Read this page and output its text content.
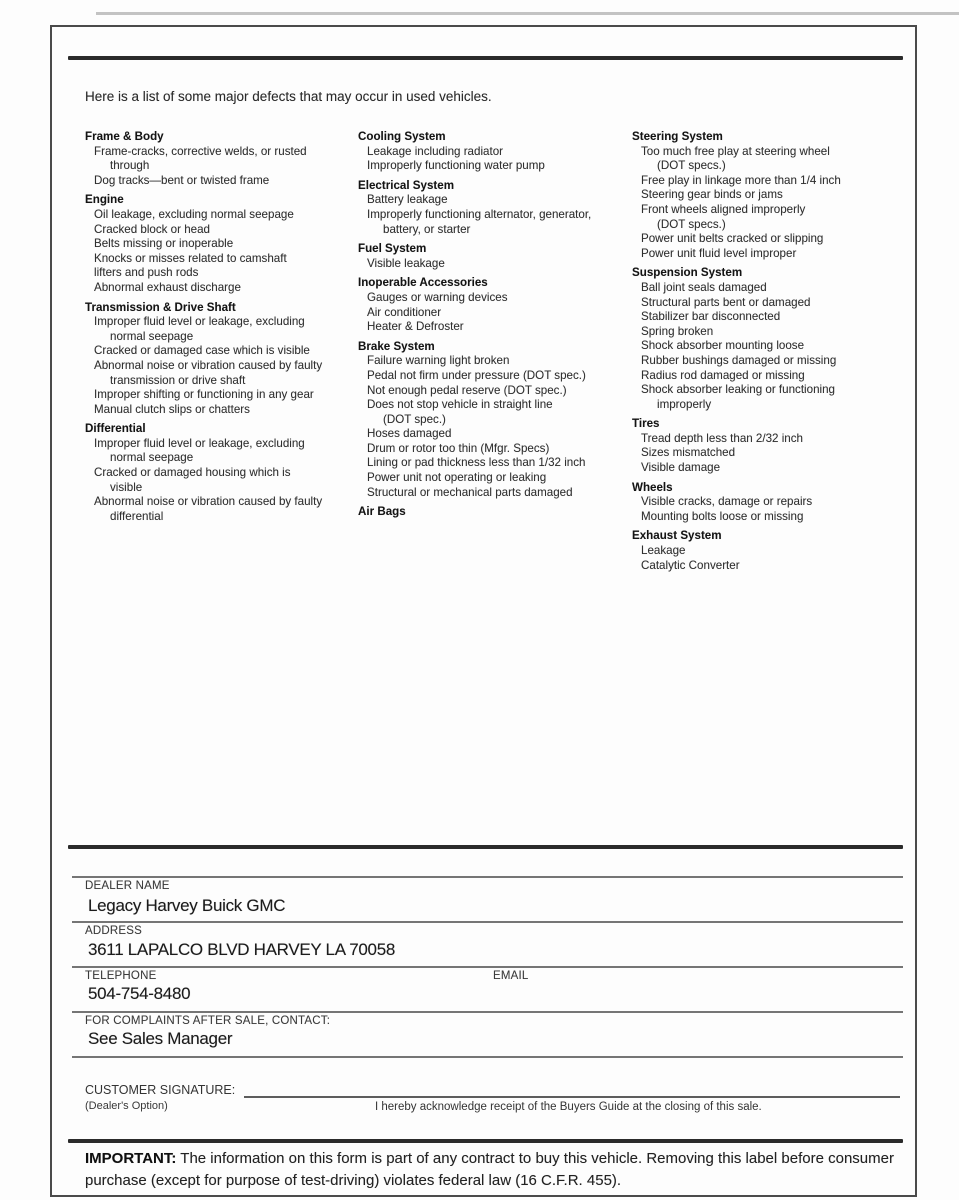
Here is a list of some major defects that may occur in used vehicles.

Frame & Body
Frame-cracks, corrective welds, or rusted
through
Dog tracks—bent or twisted frame
Engine
Oil leakage, excluding normal seepage
Cracked block or head
Belts missing or inoperable
Knocks or misses related to camshaft
lifters and push rods
Abnormal exhaust discharge
Transmission & Drive Shaft
Improper fluid level or leakage, excluding
normal seepage
Cracked or damaged case which is visible
Abnormal noise or vibration caused by faulty
transmission or drive shaft
Improper shifting or functioning in any gear
Manual clutch slips or chatters
Differential
Improper fluid level or leakage, excluding
normal seepage
Cracked or damaged housing which is
visible
Abnormal noise or vibration caused by faulty
differential
Cooling System
Leakage including radiator
Improperly functioning water pump
Electrical System
Battery leakage
Improperly functioning alternator, generator,
battery, or starter
Fuel System
Visible leakage
Inoperable Accessories
Gauges or warning devices
Air conditioner
Heater & Defroster
Brake System
Failure warning light broken
Pedal not firm under pressure (DOT spec.)
Not enough pedal reserve (DOT spec.)
Does not stop vehicle in straight line
(DOT spec.)
Hoses damaged
Drum or rotor too thin (Mfgr. Specs)
Lining or pad thickness less than 1/32 inch
Power unit not operating or leaking
Structural or mechanical parts damaged
Air Bags
Steering System
Too much free play at steering wheel
(DOT specs.)
Free play in linkage more than 1/4 inch
Steering gear binds or jams
Front wheels aligned improperly
(DOT specs.)
Power unit belts cracked or slipping
Power unit fluid level improper
Suspension System
Ball joint seals damaged
Structural parts bent or damaged
Stabilizer bar disconnected
Spring broken
Shock absorber mounting loose
Rubber bushings damaged or missing
Radius rod damaged or missing
Shock absorber leaking or functioning
improperly
Tires
Tread depth less than 2/32 inch
Sizes mismatched
Visible damage
Wheels
Visible cracks, damage or repairs
Mounting bolts loose or missing
Exhaust System
Leakage
Catalytic Converter
DEALER NAME
Legacy Harvey Buick GMC
ADDRESS
3611 LAPALCO BLVD HARVEY LA 70058
TELEPHONE	EMAIL
504-754-8480
FOR COMPLAINTS AFTER SALE, CONTACT:
See Sales Manager
CUSTOMER SIGNATURE:
(Dealer's Option)	I hereby acknowledge receipt of the Buyers Guide at the closing of this sale.

IMPORTANT: The information on this form is part of any contract to buy this vehicle. Removing this label before consumer purchase (except for purpose of test-driving) violates federal law (16 C.F.R. 455).
